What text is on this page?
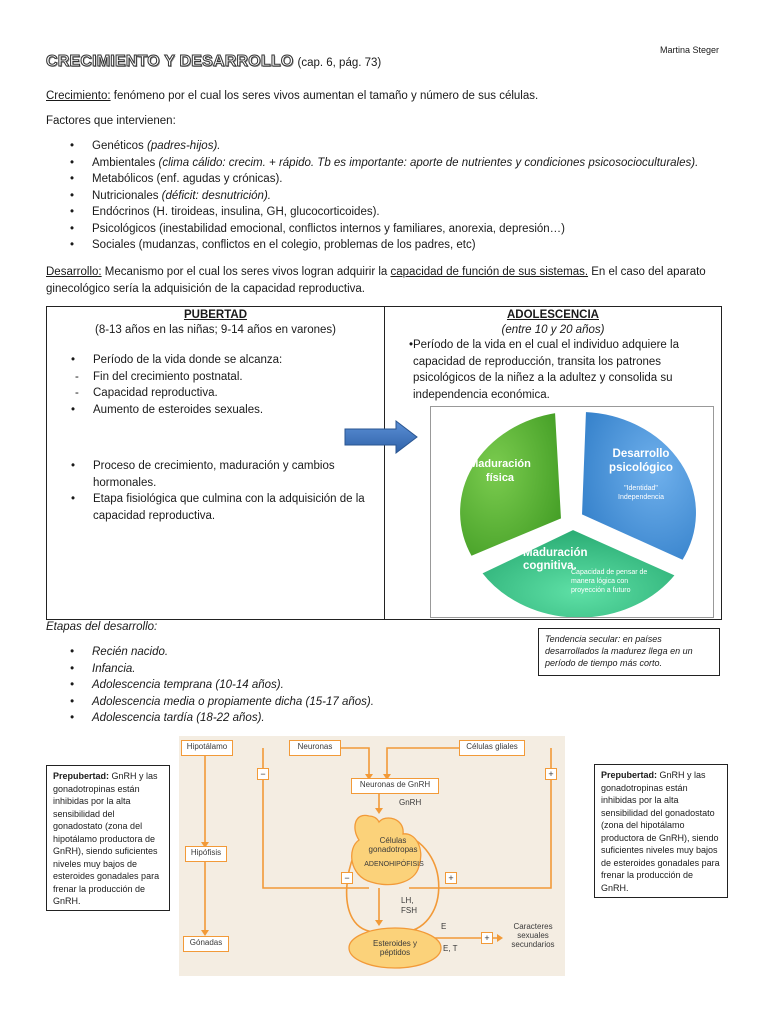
Martina Steger
CRECIMIENTO Y DESARROLLO (cap. 6, pág. 73)
Crecimiento: fenómeno por el cual los seres vivos aumentan el tamaño y número de sus células.
Factores que intervienen:
• Genéticos (padres-hijos).
• Ambientales (clima cálido: crecim. + rápido. Tb es importante: aporte de nutrientes y condiciones psicosocioculturales).
• Metabólicos (enf. agudas y crónicas).
• Nutricionales (déficit: desnutrición).
• Endócrinos (H. tiroideas, insulina, GH, glucocorticoides).
• Psicológicos (inestabilidad emocional, conflictos internos y familiares, anorexia, depresión…)
• Sociales (mudanzas, conflictos en el colegio, problemas de los padres, etc)
Desarrollo: Mecanismo por el cual los seres vivos logran adquirir la capacidad de función de sus sistemas. En el caso del aparato ginecológico sería la adquisición de la capacidad reproductiva.
PUBERTAD
(8-13 años en las niñas; 9-14 años en varones)
• Período de la vida donde se alcanza:
- Fin del crecimiento postnatal.
- Capacidad reproductiva.
• Aumento de esteroides sexuales.
• Proceso de crecimiento, maduración y cambios hormonales.
• Etapa fisiológica que culmina con la adquisición de la capacidad reproductiva.
ADOLESCENCIA
(entre 10 y 20 años)
• Período de la vida en el cual el individuo adquiere la capacidad de reproducción, transita los patrones psicológicos de la niñez a la adultez y consolida su independencia económica.
Maduración física
Desarrollo psicológico
"Identidad" Independencia
Maduración cognitiva.
Capacidad de pensar de manera lógica con proyección a futuro
Etapas del desarrollo:
• Recién nacido.
• Infancia.
• Adolescencia temprana (10-14 años).
• Adolescencia media o propiamente dicha (15-17 años).
• Adolescencia tardía (18-22 años).
Tendencia secular: en países desarrollados la madurez llega en un período de tiempo más corto.
Prepubertad: GnRH y las gonadotropinas están inhibidas por la alta sensibilidad del gonadostato (zona del hipotálamo productora de GnRH), siendo suficientes niveles muy bajos de esteroides gonadales para frenar la producción de GnRH.
Prepubertad: GnRH y las gonadotropinas están inhibidas por la alta sensibilidad del gonadostato (zona del hipotálamo productora de GnRH), siendo suficientes niveles muy bajos de esteroides gonadales para frenar la producción de GnRH.
Hipotálamo
Hipófisis
Gónadas
Neuronas	Células gliales
Neuronas de GnRH
GnRH
Células gonadotropas
ADENOHIPÓFISIS
LH,
FSH
E
E, T
Esteroides y péptidos
Caracteres sexuales secundarios
−	+
−	+
+
